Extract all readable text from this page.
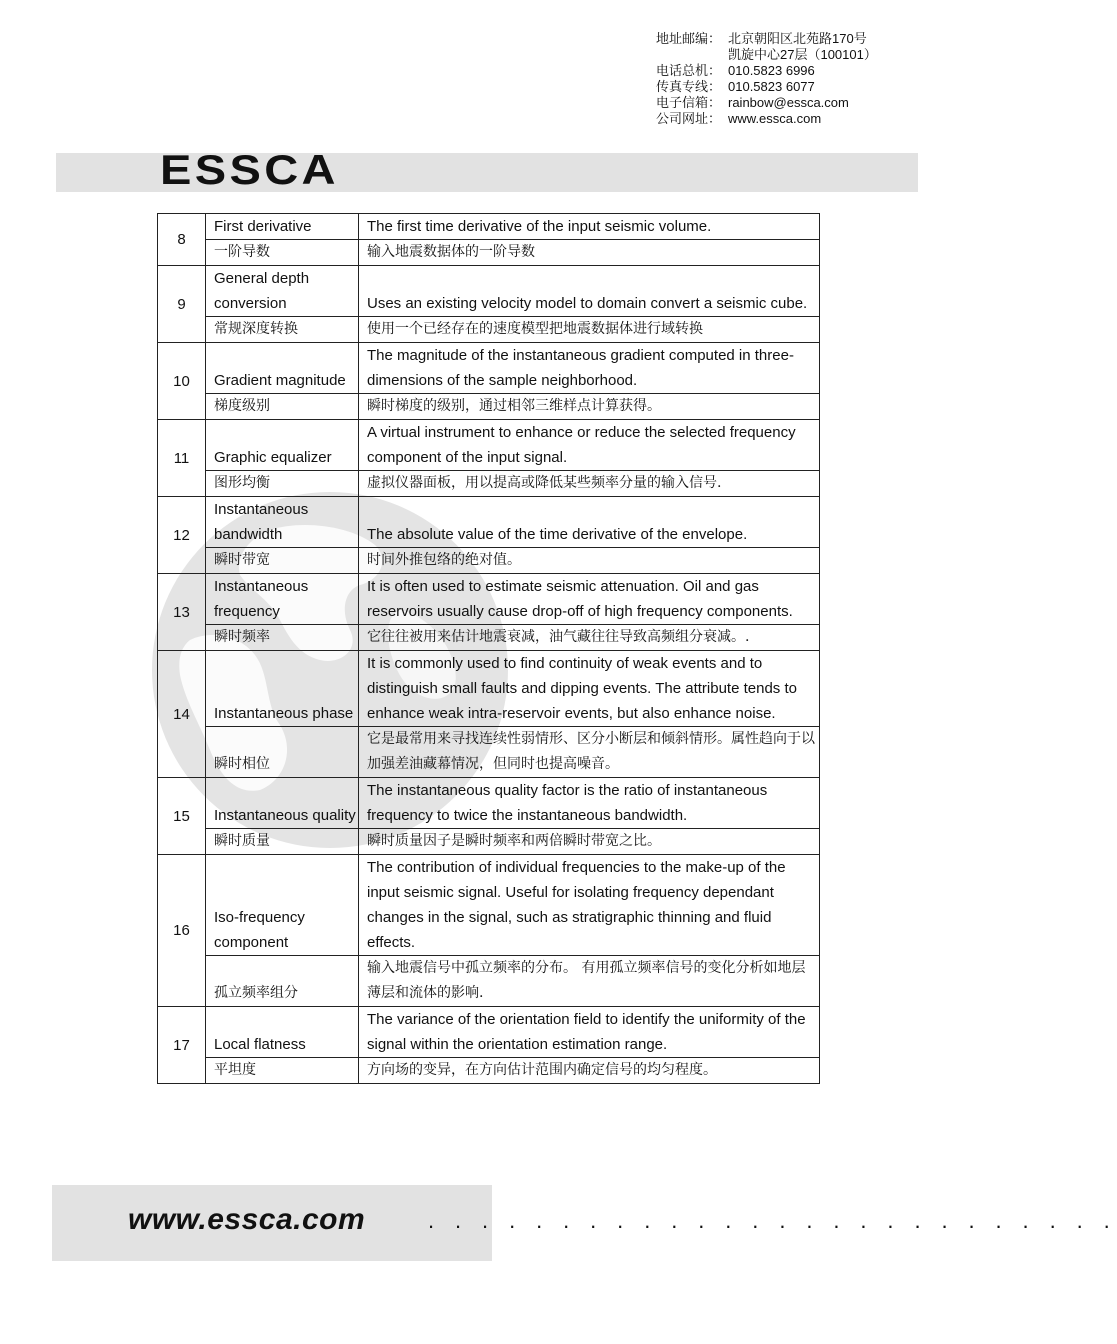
地址邮编： 北京朝阳区北苑路170号
凯旋中心27层（100101）
电话总机： 010.5823 6996
传真专线： 010.5823 6077
电子信箱： rainbow@essca.com
公司网址： www.essca.com
ESSCA
8	First derivative	The first time derivative of the input seismic volume.
	一阶导数	输入地震数据体的一阶导数
9	General depth conversion	Uses an existing velocity model to domain convert a seismic cube.
	常规深度转换	使用一个已经存在的速度模型把地震数据体进行域转换
10	Gradient magnitude	The magnitude of the instantaneous gradient computed in three-dimensions of the sample neighborhood.
	梯度级别	瞬时梯度的级别，通过相邻三维样点计算获得。
11	Graphic equalizer	A virtual instrument to enhance or reduce the selected frequency component of the input signal.
	图形均衡	虚拟仪器面板，用以提高或降低某些频率分量的输入信号.
12	Instantaneous bandwidth	The absolute value of the time derivative of the envelope.
	瞬时带宽	时间外推包络的绝对值。
13	Instantaneous frequency	It is often used to estimate seismic attenuation. Oil and gas reservoirs usually cause drop-off of high frequency components.
	瞬时频率	它往往被用来估计地震衰减，油气藏往往导致高频组分衰减。.
14	Instantaneous phase	It is commonly used to find continuity of weak events and to distinguish small faults and dipping events. The attribute tends to enhance weak intra-reservoir events, but also enhance noise.
	瞬时相位	它是最常用来寻找连续性弱情形、区分小断层和倾斜情形。属性趋向于以加强差油藏幕情况，但同时也提高噪音。
15	Instantaneous quality	The instantaneous quality factor is the ratio of instantaneous frequency to twice the instantaneous bandwidth.
	瞬时质量	瞬时质量因子是瞬时频率和两倍瞬时带宽之比。
16	Iso-frequency component	The contribution of individual frequencies to the make-up of the input seismic signal. Useful for isolating frequency dependant changes in the signal, such as stratigraphic thinning and fluid effects.
	孤立频率组分	输入地震信号中孤立频率的分布。 有用孤立频率信号的变化分析如地层薄层和流体的影响.
17	Local flatness	The variance of the orientation field to identify the uniformity of the signal within the orientation estimation range.
	平坦度	方向场的变异，在方向估计范围内确定信号的均匀程度。
www.essca.com	. . . . . . . . . . . . . . . . . . . . . . . . . .
